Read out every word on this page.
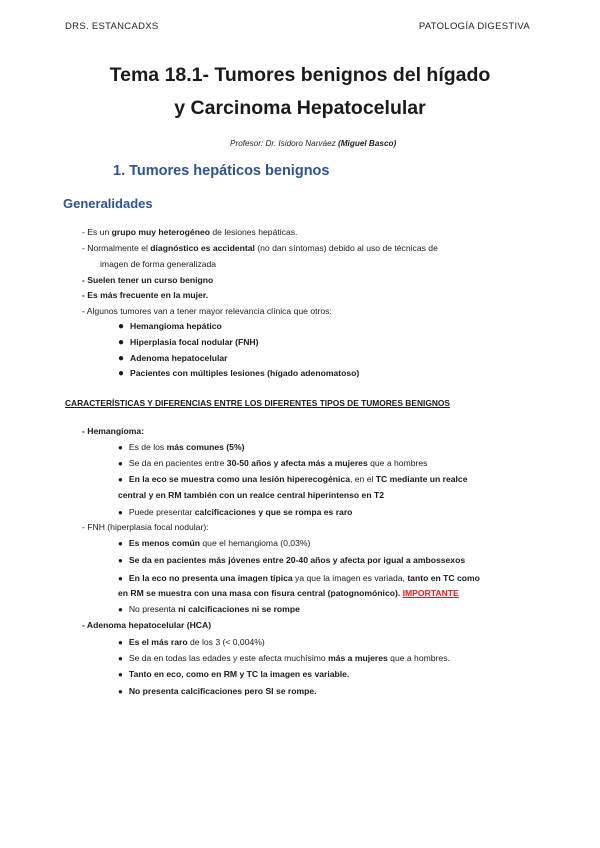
DRS. ESTANCADXS	PATOLOGÍA DIGESTIVA
Tema 18.1- Tumores benignos del hígado
y Carcinoma Hepatocelular
Profesor: Dr. Isidoro Narváez (Miguel Basco)
1. Tumores hepáticos benignos
Generalidades
- Es un grupo muy heterogéneo de lesiones hepáticas.
- Normalmente el diagnóstico es accidental (no dan síntomas) debido al uso de técnicas de
imagen de forma generalizada
- Suelen tener un curso benigno
- Es más frecuente en la mujer.
- Algunos tumores van a tener mayor relevancia clínica que otros:
● Hemangioma hepático
● Hiperplasia focal nodular (FNH)
● Adenoma hepatocelular
● Pacientes con múltiples lesiones (hígado adenomatoso)
CARACTERÍSTICAS Y DIFERENCIAS ENTRE LOS DIFERENTES TIPOS DE TUMORES BENIGNOS
- Hemangioma:
● Es de los más comunes (5%)
● Se da en pacientes entre 30-50 años y afecta más a mujeres que a hombres
● En la eco se muestra como una lesión hiperecogénica, en el TC mediante un realce
central y en RM también con un realce central hiperintenso en T2
● Puede presentar calcificaciones y que se rompa es raro
- FNH (hiperplasia focal nodular):
● Es menos común que el hemangioma (0,03%)
● Se da en pacientes más jóvenes entre 20-40 años y afecta por igual a ambossexos
● En la eco no presenta una imagen típica ya que la imagen es variada, tanto en TC como
en RM se muestra con una masa con fisura central (patognomónico). IMPORTANTE
● No presenta ni calcificaciones ni se rompe
- Adenoma hepatocelular (HCA)
● Es el más raro de los 3 (< 0,004%)
● Se da en todas las edades y este afecta muchísimo más a mujeres que a hombres.
● Tanto en eco, como en RM y TC la imagen es variable.
● No presenta calcificaciones pero SI se rompe.
